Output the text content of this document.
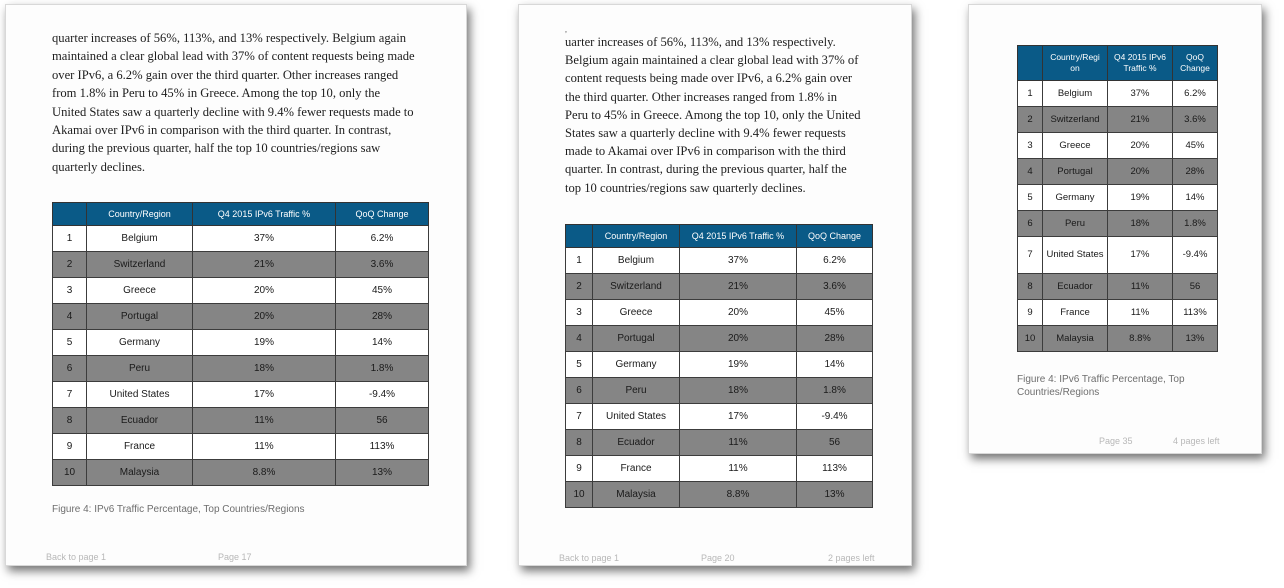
quarter increases of 56%, 113%, and 13% respectively. Belgium again
maintained a clear global lead with 37% of content requests being made
over IPv6, a 6.2% gain over the third quarter. Other increases ranged
from 1.8% in Peru to 45% in Greece. Among the top 10, only the
United States saw a quarterly decline with 9.4% fewer requests made to
Akamai over IPv6 in comparison with the third quarter. In contrast,
during the previous quarter, half the top 10 countries/regions saw
quarterly declines.
	Country/Region	Q4 2015 IPv6 Traffic %	QoQ Change
1	Belgium	37%	6.2%
2	Switzerland	21%	3.6%
3	Greece	20%	45%
4	Portugal	20%	28%
5	Germany	19%	14%
6	Peru	18%	1.8%
7	United States	17%	-9.4%
8	Ecuador	11%	56
9	France	11%	113%
10	Malaysia	8.8%	13%

Figure 4: IPv6 Traffic Percentage, Top Countries/Regions

Back to page 1	Page 17
,
uarter increases of 56%, 113%, and 13% respectively.
Belgium again maintained a clear global lead with 37% of
content requests being made over IPv6, a 6.2% gain over
the third quarter. Other increases ranged from 1.8% in
Peru to 45% in Greece. Among the top 10, only the United
States saw a quarterly decline with 9.4% fewer requests
made to Akamai over IPv6 in comparison with the third
quarter. In contrast, during the previous quarter, half the
top 10 countries/regions saw quarterly declines.
	Country/Region	Q4 2015 IPv6 Traffic %	QoQ Change
1	Belgium	37%	6.2%
2	Switzerland	21%	3.6%
3	Greece	20%	45%
4	Portugal	20%	28%
5	Germany	19%	14%
6	Peru	18%	1.8%
7	United States	17%	-9.4%
8	Ecuador	11%	56
9	France	11%	113%
10	Malaysia	8.8%	13%
Back to page 1	Page 20	2 pages left
	Country/Regi on	Q4 2015 IPv6 Traffic %	QoQ Change
1	Belgium	37%	6.2%
2	Switzerland	21%	3.6%
3	Greece	20%	45%
4	Portugal	20%	28%
5	Germany	19%	14%
6	Peru	18%	1.8%
7	United States	17%	-9.4%
8	Ecuador	11%	56
9	France	11%	113%
10	Malaysia	8.8%	13%

Figure 4: IPv6 Traffic Percentage, Top Countries/Regions

Page 35	4 pages left
